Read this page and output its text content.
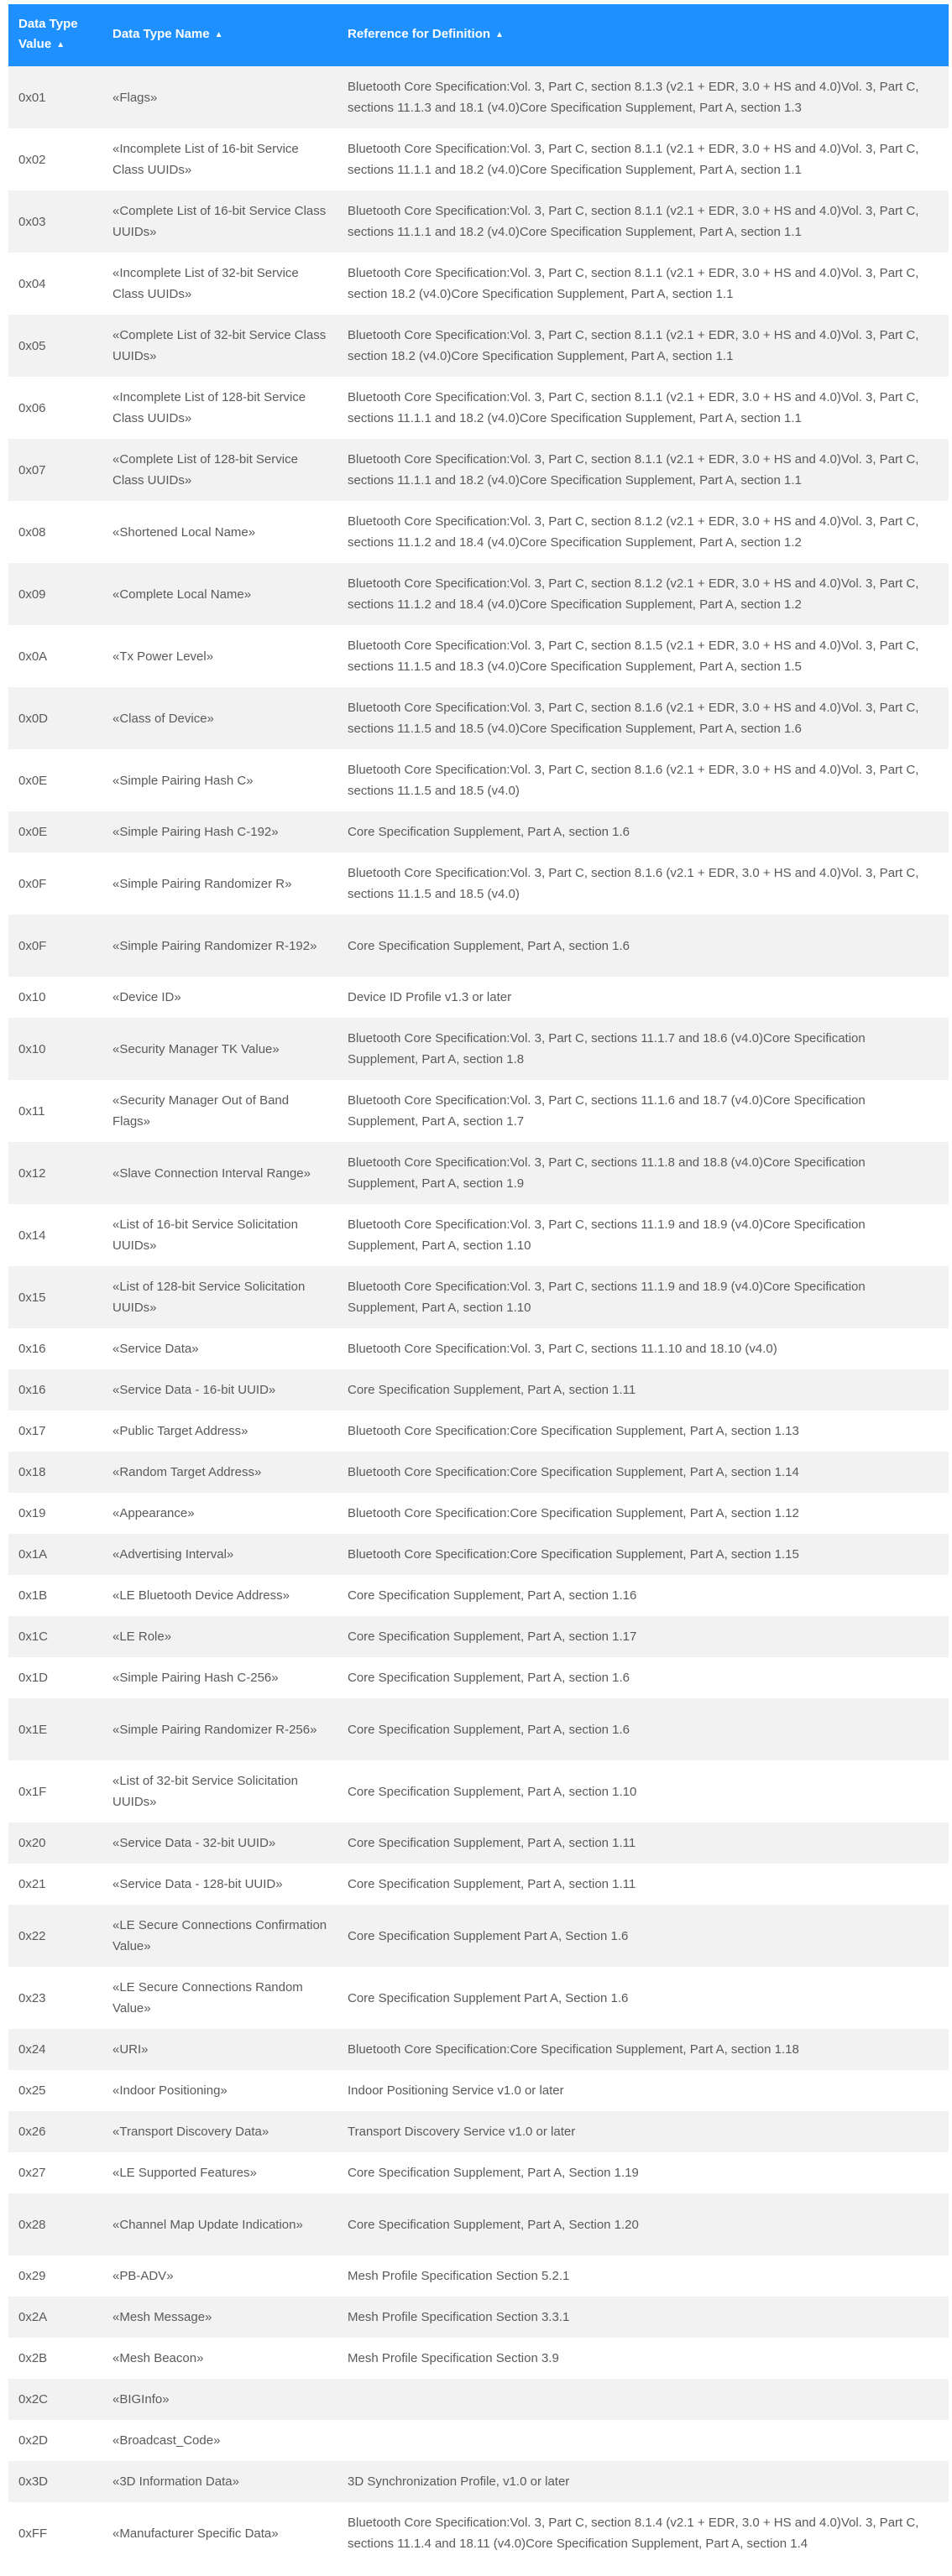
Data Type Value ▲	Data Type Name ▲	Reference for Definition ▲
0x01	«Flags»	Bluetooth Core Specification:Vol. 3, Part C, section 8.1.3 (v2.1 + EDR, 3.0 + HS and 4.0)Vol. 3, Part C, sections 11.1.3 and 18.1 (v4.0)Core Specification Supplement, Part A, section 1.3
0x02	«Incomplete List of 16-bit Service Class UUIDs»	Bluetooth Core Specification:Vol. 3, Part C, section 8.1.1 (v2.1 + EDR, 3.0 + HS and 4.0)Vol. 3, Part C, sections 11.1.1 and 18.2 (v4.0)Core Specification Supplement, Part A, section 1.1
0x03	«Complete List of 16-bit Service Class UUIDs»	Bluetooth Core Specification:Vol. 3, Part C, section 8.1.1 (v2.1 + EDR, 3.0 + HS and 4.0)Vol. 3, Part C, sections 11.1.1 and 18.2 (v4.0)Core Specification Supplement, Part A, section 1.1
0x04	«Incomplete List of 32-bit Service Class UUIDs»	Bluetooth Core Specification:Vol. 3, Part C, section 8.1.1 (v2.1 + EDR, 3.0 + HS and 4.0)Vol. 3, Part C, section 18.2 (v4.0)Core Specification Supplement, Part A, section 1.1
0x05	«Complete List of 32-bit Service Class UUIDs»	Bluetooth Core Specification:Vol. 3, Part C, section 8.1.1 (v2.1 + EDR, 3.0 + HS and 4.0)Vol. 3, Part C, section 18.2 (v4.0)Core Specification Supplement, Part A, section 1.1
0x06	«Incomplete List of 128-bit Service Class UUIDs»	Bluetooth Core Specification:Vol. 3, Part C, section 8.1.1 (v2.1 + EDR, 3.0 + HS and 4.0)Vol. 3, Part C, sections 11.1.1 and 18.2 (v4.0)Core Specification Supplement, Part A, section 1.1
0x07	«Complete List of 128-bit Service Class UUIDs»	Bluetooth Core Specification:Vol. 3, Part C, section 8.1.1 (v2.1 + EDR, 3.0 + HS and 4.0)Vol. 3, Part C, sections 11.1.1 and 18.2 (v4.0)Core Specification Supplement, Part A, section 1.1
0x08	«Shortened Local Name»	Bluetooth Core Specification:Vol. 3, Part C, section 8.1.2 (v2.1 + EDR, 3.0 + HS and 4.0)Vol. 3, Part C, sections 11.1.2 and 18.4 (v4.0)Core Specification Supplement, Part A, section 1.2
0x09	«Complete Local Name»	Bluetooth Core Specification:Vol. 3, Part C, section 8.1.2 (v2.1 + EDR, 3.0 + HS and 4.0)Vol. 3, Part C, sections 11.1.2 and 18.4 (v4.0)Core Specification Supplement, Part A, section 1.2
0x0A	«Tx Power Level»	Bluetooth Core Specification:Vol. 3, Part C, section 8.1.5 (v2.1 + EDR, 3.0 + HS and 4.0)Vol. 3, Part C, sections 11.1.5 and 18.3 (v4.0)Core Specification Supplement, Part A, section 1.5
0x0D	«Class of Device»	Bluetooth Core Specification:Vol. 3, Part C, section 8.1.6 (v2.1 + EDR, 3.0 + HS and 4.0)Vol. 3, Part C, sections 11.1.5 and 18.5 (v4.0)Core Specification Supplement, Part A, section 1.6
0x0E	«Simple Pairing Hash C»	Bluetooth Core Specification:Vol. 3, Part C, section 8.1.6 (v2.1 + EDR, 3.0 + HS and 4.0)Vol. 3, Part C, sections 11.1.5 and 18.5 (v4.0)
0x0E	«Simple Pairing Hash C-192»	Core Specification Supplement, Part A, section 1.6
0x0F	«Simple Pairing Randomizer R»	Bluetooth Core Specification:Vol. 3, Part C, section 8.1.6 (v2.1 + EDR, 3.0 + HS and 4.0)Vol. 3, Part C, sections 11.1.5 and 18.5 (v4.0)
0x0F	«Simple Pairing Randomizer R-192»	Core Specification Supplement, Part A, section 1.6
0x10	«Device ID»	Device ID Profile v1.3 or later
0x10	«Security Manager TK Value»	Bluetooth Core Specification:Vol. 3, Part C, sections 11.1.7 and 18.6 (v4.0)Core Specification Supplement, Part A, section 1.8
0x11	«Security Manager Out of Band Flags»	Bluetooth Core Specification:Vol. 3, Part C, sections 11.1.6 and 18.7 (v4.0)Core Specification Supplement, Part A, section 1.7
0x12	«Slave Connection Interval Range»	Bluetooth Core Specification:Vol. 3, Part C, sections 11.1.8 and 18.8 (v4.0)Core Specification Supplement, Part A, section 1.9
0x14	«List of 16-bit Service Solicitation UUIDs»	Bluetooth Core Specification:Vol. 3, Part C, sections 11.1.9 and 18.9 (v4.0)Core Specification Supplement, Part A, section 1.10
0x15	«List of 128-bit Service Solicitation UUIDs»	Bluetooth Core Specification:Vol. 3, Part C, sections 11.1.9 and 18.9 (v4.0)Core Specification Supplement, Part A, section 1.10
0x16	«Service Data»	Bluetooth Core Specification:Vol. 3, Part C, sections 11.1.10 and 18.10 (v4.0)
0x16	«Service Data - 16-bit UUID»	Core Specification Supplement, Part A, section 1.11
0x17	«Public Target Address»	Bluetooth Core Specification:Core Specification Supplement, Part A, section 1.13
0x18	«Random Target Address»	Bluetooth Core Specification:Core Specification Supplement, Part A, section 1.14
0x19	«Appearance»	Bluetooth Core Specification:Core Specification Supplement, Part A, section 1.12
0x1A	«Advertising Interval»	Bluetooth Core Specification:Core Specification Supplement, Part A, section 1.15
0x1B	«LE Bluetooth Device Address»	Core Specification Supplement, Part A, section 1.16
0x1C	«LE Role»	Core Specification Supplement, Part A, section 1.17
0x1D	«Simple Pairing Hash C-256»	Core Specification Supplement, Part A, section 1.6
0x1E	«Simple Pairing Randomizer R-256»	Core Specification Supplement, Part A, section 1.6
0x1F	«List of 32-bit Service Solicitation UUIDs»	Core Specification Supplement, Part A, section 1.10
0x20	«Service Data - 32-bit UUID»	Core Specification Supplement, Part A, section 1.11
0x21	«Service Data - 128-bit UUID»	Core Specification Supplement, Part A, section 1.11
0x22	«LE Secure Connections Confirmation Value»	Core Specification Supplement Part A, Section 1.6
0x23	«LE Secure Connections Random Value»	Core Specification Supplement Part A, Section 1.6
0x24	«URI»	Bluetooth Core Specification:Core Specification Supplement, Part A, section 1.18
0x25	«Indoor Positioning»	Indoor Positioning Service v1.0 or later
0x26	«Transport Discovery Data»	Transport Discovery Service v1.0 or later
0x27	«LE Supported Features»	Core Specification Supplement, Part A, Section 1.19
0x28	«Channel Map Update Indication»	Core Specification Supplement, Part A, Section 1.20
0x29	«PB-ADV»	Mesh Profile Specification Section 5.2.1
0x2A	«Mesh Message»	Mesh Profile Specification Section 3.3.1
0x2B	«Mesh Beacon»	Mesh Profile Specification Section 3.9
0x2C	«BIGInfo»	
0x2D	«Broadcast_Code»	
0x3D	«3D Information Data»	3D Synchronization Profile, v1.0 or later
0xFF	«Manufacturer Specific Data»	Bluetooth Core Specification:Vol. 3, Part C, section 8.1.4 (v2.1 + EDR, 3.0 + HS and 4.0)Vol. 3, Part C, sections 11.1.4 and 18.11 (v4.0)Core Specification Supplement, Part A, section 1.4
